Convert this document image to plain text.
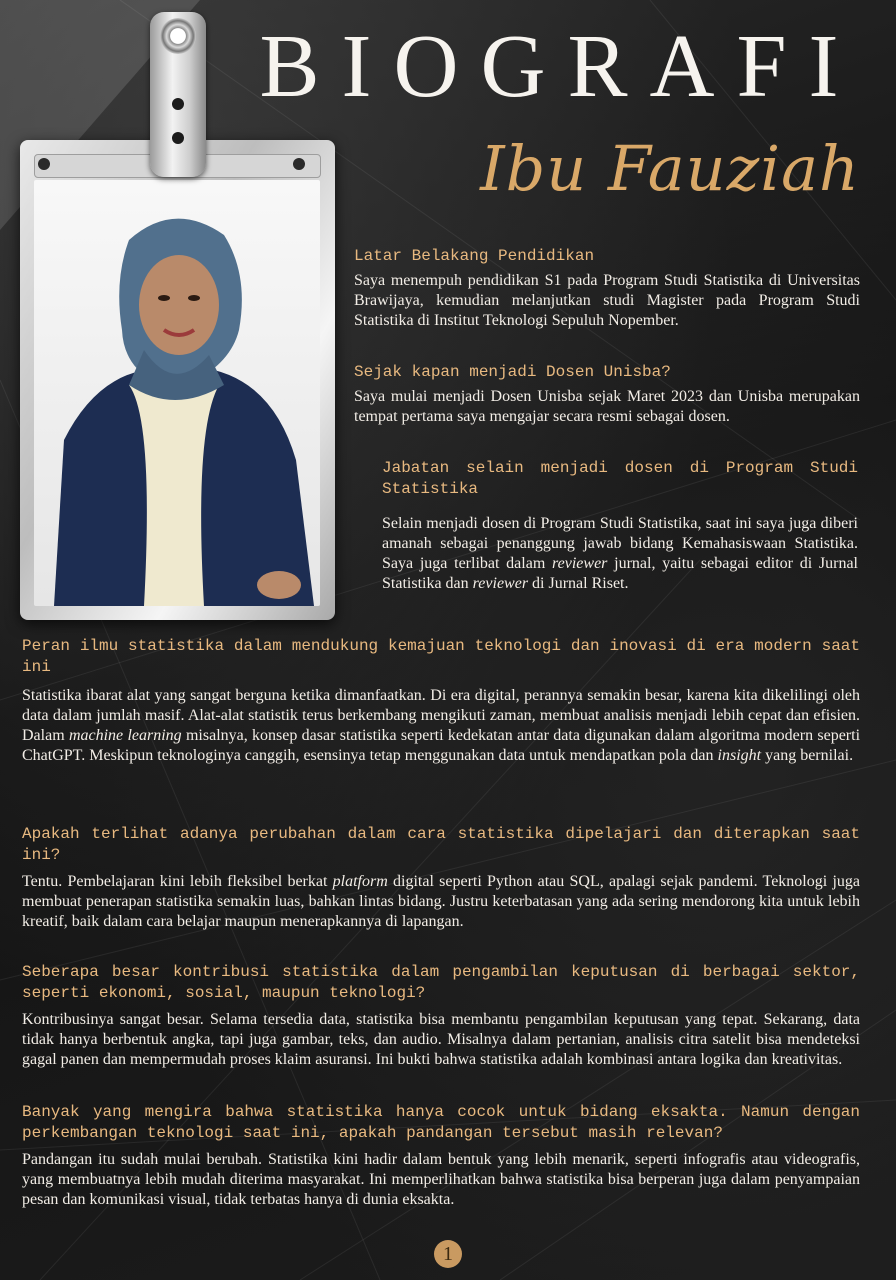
BIOGRAFI
Ibu Fauziah

Latar Belakang Pendidikan

Saya menempuh pendidikan S1 pada Program Studi Statistika di Universitas Brawijaya, kemudian melanjutkan studi Magister pada Program Studi Statistika di Institut Teknologi Sepuluh Nopember.

Sejak kapan menjadi Dosen Unisba?

Saya mulai menjadi Dosen Unisba sejak Maret 2023 dan Unisba merupakan tempat pertama saya mengajar secara resmi sebagai dosen.

Jabatan selain menjadi dosen di Program Studi Statistika

Selain menjadi dosen di Program Studi Statistika, saat ini saya juga diberi amanah sebagai penanggung jawab bidang Kemahasiswaan Statistika. Saya juga terlibat dalam reviewer jurnal, yaitu sebagai editor di Jurnal Statistika dan reviewer di Jurnal Riset.

Peran ilmu statistika dalam mendukung kemajuan teknologi dan inovasi di era modern saat ini

Statistika ibarat alat yang sangat berguna ketika dimanfaatkan. Di era digital, perannya semakin besar, karena kita dikelilingi oleh data dalam jumlah masif. Alat-alat statistik terus berkembang mengikuti zaman, membuat analisis menjadi lebih cepat dan efisien. Dalam machine learning misalnya, konsep dasar statistika seperti kedekatan antar data digunakan dalam algoritma modern seperti ChatGPT. Meskipun teknologinya canggih, esensinya tetap menggunakan data untuk mendapatkan pola dan insight yang bernilai.

Apakah terlihat adanya perubahan dalam cara statistika dipelajari dan diterapkan saat ini?

Tentu. Pembelajaran kini lebih fleksibel berkat platform digital seperti Python atau SQL, apalagi sejak pandemi. Teknologi juga membuat penerapan statistika semakin luas, bahkan lintas bidang. Justru keterbatasan yang ada sering mendorong kita untuk lebih kreatif, baik dalam cara belajar maupun menerapkannya di lapangan.

Seberapa besar kontribusi statistika dalam pengambilan keputusan di berbagai sektor, seperti ekonomi, sosial, maupun teknologi?

Kontribusinya sangat besar. Selama tersedia data, statistika bisa membantu pengambilan keputusan yang tepat. Sekarang, data tidak hanya berbentuk angka, tapi juga gambar, teks, dan audio. Misalnya dalam pertanian, analisis citra satelit bisa mendeteksi gagal panen dan mempermudah proses klaim asuransi. Ini bukti bahwa statistika adalah kombinasi antara logika dan kreativitas.

Banyak yang mengira bahwa statistika hanya cocok untuk bidang eksakta. Namun dengan perkembangan teknologi saat ini, apakah pandangan tersebut masih relevan?

Pandangan itu sudah mulai berubah. Statistika kini hadir dalam bentuk yang lebih menarik, seperti infografis atau videografis, yang membuatnya lebih mudah diterima masyarakat. Ini memperlihatkan bahwa statistika bisa berperan juga dalam penyampaian pesan dan komunikasi visual, tidak terbatas hanya di dunia eksakta.

1
